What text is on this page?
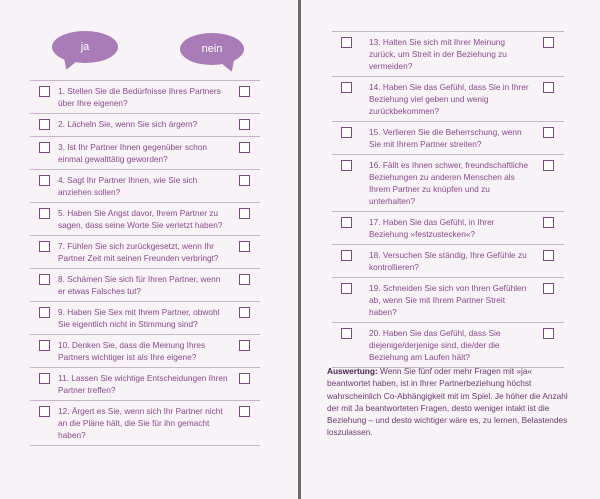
ja	nein
1. Stellen Sie die Bedürfnisse Ihres Partners über Ihre eigenen?
2. Lächeln Sie, wenn Sie sich ärgern?
3. Ist Ihr Partner Ihnen gegenüber schon einmal gewalttätig geworden?
4. Sagt Ihr Partner Ihnen, wie Sie sich anziehen sollen?
5. Haben Sie Angst davor, Ihrem Partner zu sagen, dass seine Worte Sie verletzt haben?
7. Fühlen Sie sich zurückgesetzt, wenn Ihr Partner Zeit mit seinen Freunden verbringt?
8. Schämen Sie sich für Ihren Partner, wenn er etwas Falsches tut?
9. Haben Sie Sex mit Ihrem Partner, obwohl Sie eigentlich nicht in Stimmung sind?
10. Denken Sie, dass die Meinung Ihres Partners wichtiger ist als Ihre eigene?
11. Lassen Sie wichtige Entscheidungen Ihren Partner treffen?
12. Ärgert es Sie, wenn sich Ihr Partner nicht an die Pläne hält, die Sie für ihn gemacht haben?
13. Halten Sie sich mit Ihrer Meinung zurück, um Streit in der Beziehung zu vermeiden?
14. Haben Sie das Gefühl, dass Sie in Ihrer Beziehung viel geben und wenig zurückbekommen?
15. Verlieren Sie die Beherrschung, wenn Sie mit Ihrem Partner streiten?
16. Fällt es Ihnen schwer, freundschaftliche Beziehungen zu anderen Menschen als Ihrem Partner zu knüpfen und zu unterhalten?
17. Haben Sie das Gefühl, in Ihrer Beziehung »festzustecken«?
18. Versuchen Sie ständig, Ihre Gefühle zu kontrollieren?
19. Schneiden Sie sich von Ihren Gefühlen ab, wenn Sie mit Ihrem Partner Streit haben?
20. Haben Sie das Gefühl, dass Sie diejenige/derjenige sind, die/der die Beziehung am Laufen hält?
Auswertung: Wenn Sie fünf oder mehr Fragen mit »ja« beantwortet haben, ist in Ihrer Partnerbeziehung höchst wahrscheinlich Co-Abhängigkeit mit im Spiel. Je höher die Anzahl der mit Ja beantworteten Fragen, desto weniger intakt ist die Beziehung – und desto wichtiger wäre es, zu lernen, Belastendes loszulassen.
